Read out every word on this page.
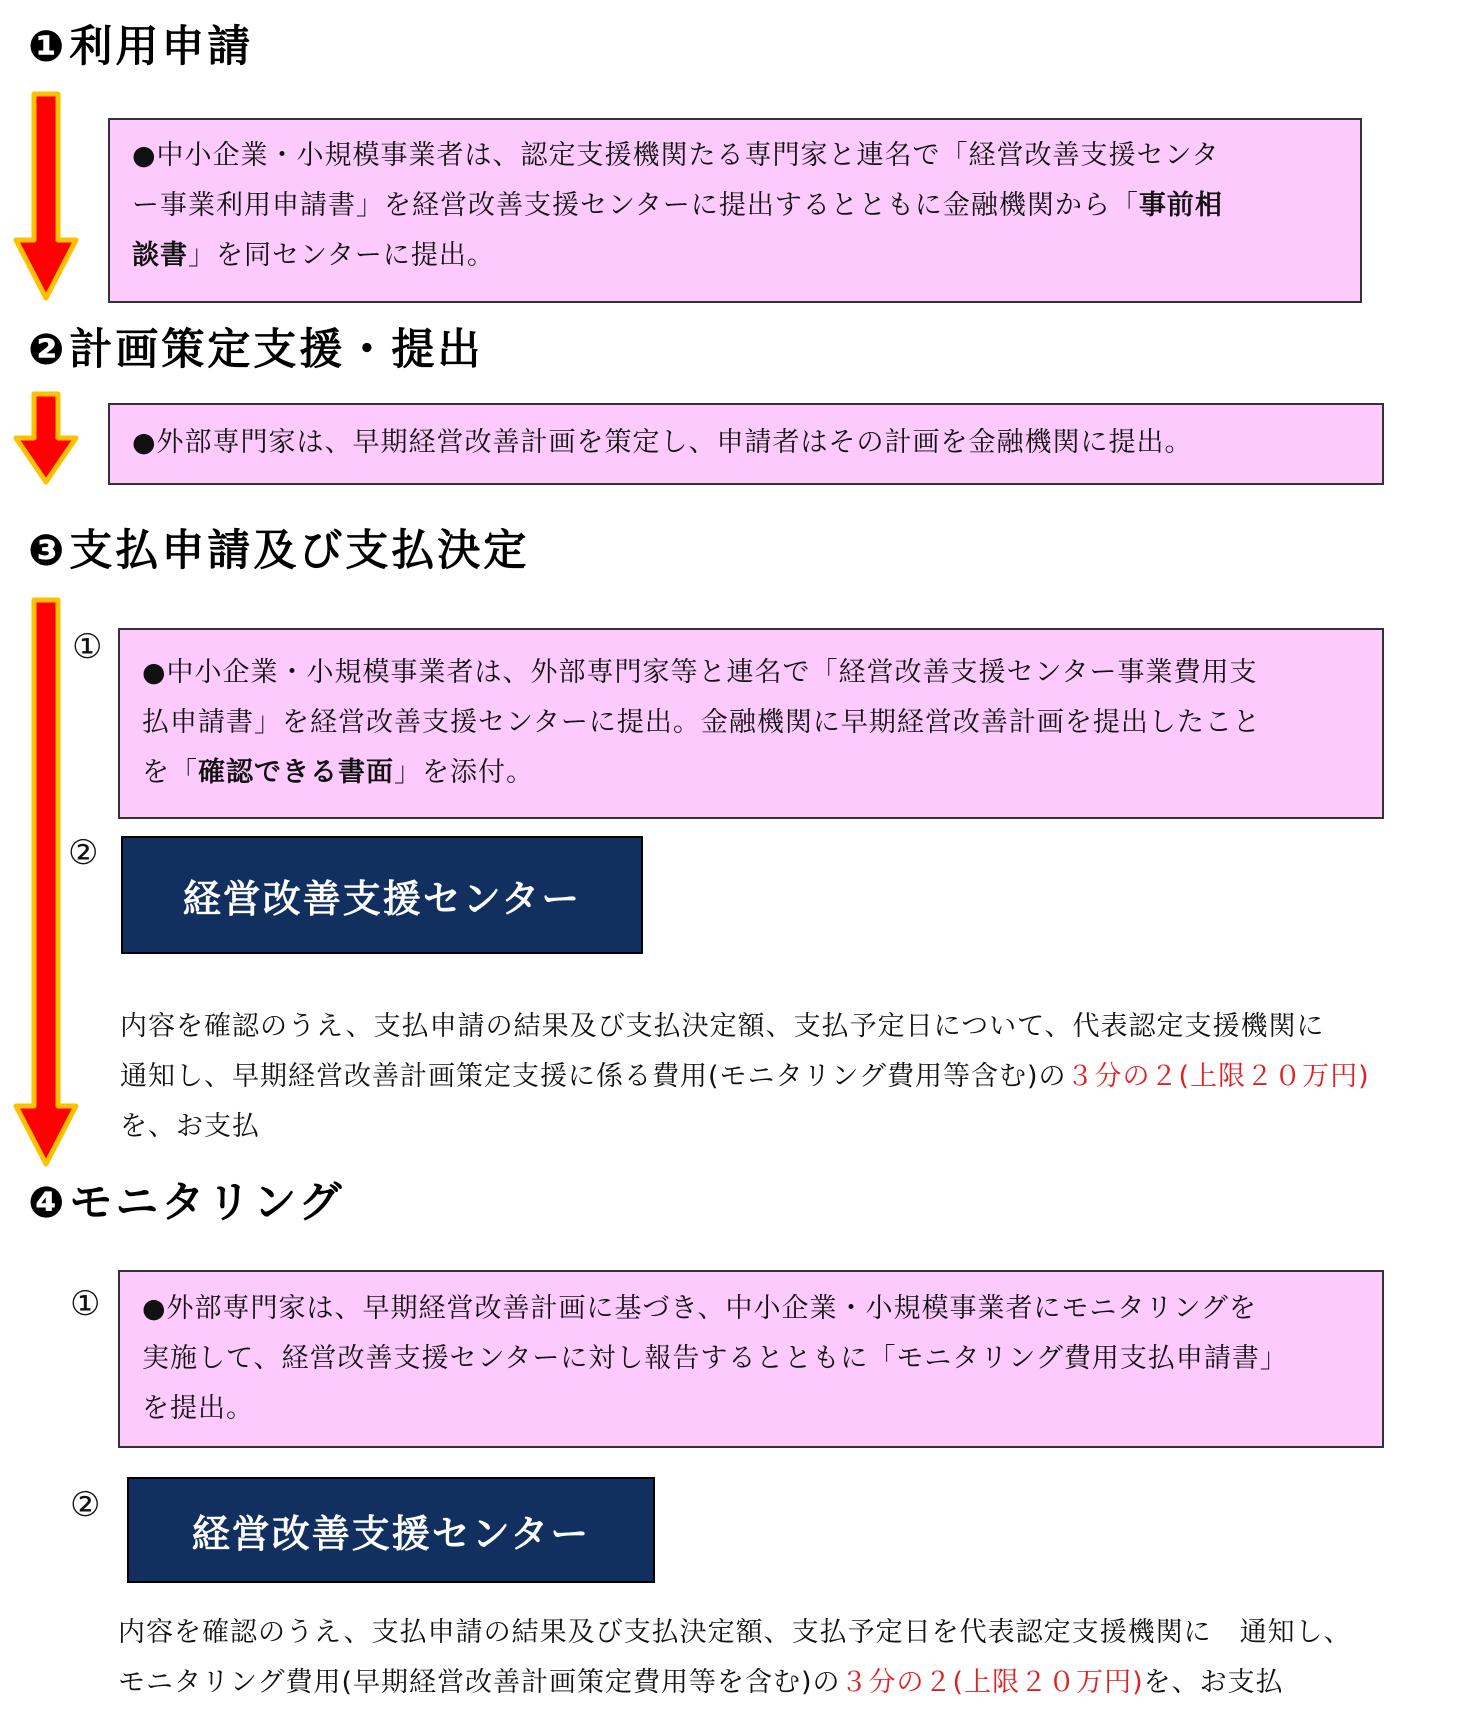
❶利用申請
●中小企業・小規模事業者は、認定支援機関たる専門家と連名で「経営改善支援センタ
ー事業利用申請書」を経営改善支援センターに提出するとともに金融機関から「事前相
談書」を同センターに提出。
❷計画策定支援・提出
●外部専門家は、早期経営改善計画を策定し、申請者はその計画を金融機関に提出。
❸支払申請及び支払決定
①
●中小企業・小規模事業者は、外部専門家等と連名で「経営改善支援センター事業費用支
払申請書」を経営改善支援センターに提出。金融機関に早期経営改善計画を提出したこと
を「確認できる書面」を添付。
②
経営改善支援センター
内容を確認のうえ、支払申請の結果及び支払決定額、支払予定日について、代表認定支援機関に
通知し、早期経営改善計画策定支援に係る費用(モニタリング費用等含む)の３分の２(上限２０万円)
を、お支払
❹モニタリング
① ●外部専門家は、早期経営改善計画に基づき、中小企業・小規模事業者にモニタリングを
実施して、経営改善支援センターに対し報告するとともに「モニタリング費用支払申請書」
を提出。
②
経営改善支援センター
内容を確認のうえ、支払申請の結果及び支払決定額、支払予定日を代表認定支援機関に　通知し、
モニタリング費用(早期経営改善計画策定費用等を含む)の３分の２(上限２０万円)を、お支払
